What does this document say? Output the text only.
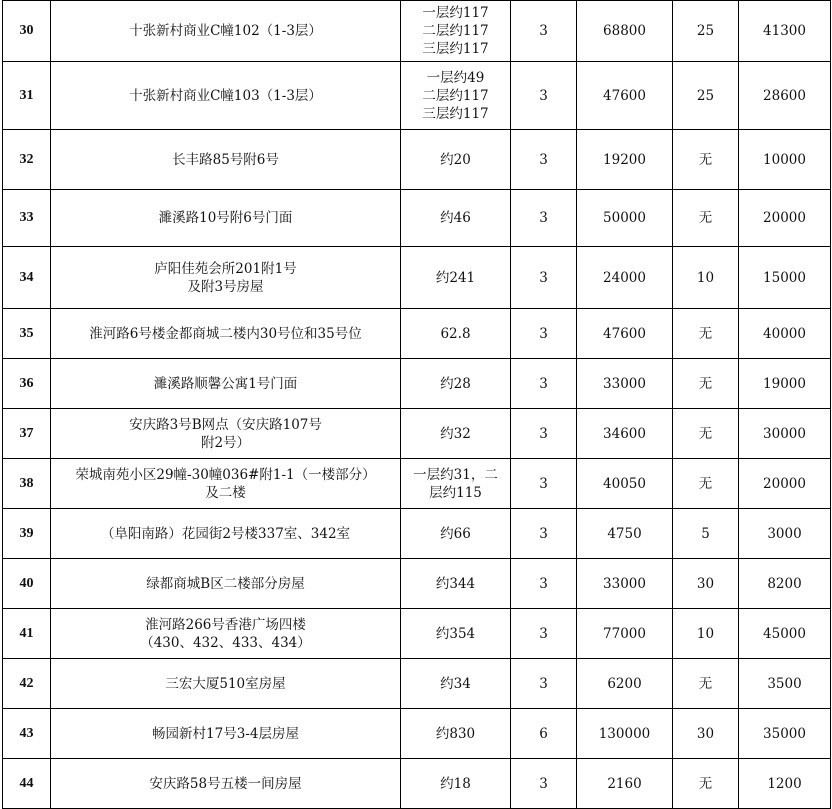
30	十张新村商业C幢102（1-3层）	一层约117
二层约117
三层约117	3	68800	25	41300
31	十张新村商业C幢103（1-3层）	一层约49
二层约117
三层约117	3	47600	25	28600
32	长丰路85号附6号	约20	3	19200	无	10000
33	濉溪路10号附6号门面	约46	3	50000	无	20000
34	庐阳佳苑会所201附1号
及附3号房屋	约241	3	24000	10	15000
35	淮河路6号楼金都商城二楼内30号位和35号位	62.8	3	47600	无	40000
36	濉溪路顺馨公寓1号门面	约28	3	33000	无	19000
37	安庆路3号B网点（安庆路107号
附2号）	约32	3	34600	无	30000
38	荣城南苑小区29幢-30幢036#附1-1（一楼部分）
及二楼	一层约31，二
层约115	3	40050	无	20000
39	（阜阳南路）花园街2号楼337室、342室	约66	3	4750	5	3000
40	绿都商城B区二楼部分房屋	约344	3	33000	30	8200
41	淮河路266号香港广场四楼
（430、432、433、434）	约354	3	77000	10	45000
42	三宏大厦510室房屋	约34	3	6200	无	3500
43	畅园新村17号3-4层房屋	约830	6	130000	30	35000
44	安庆路58号五楼一间房屋	约18	3	2160	无	1200
